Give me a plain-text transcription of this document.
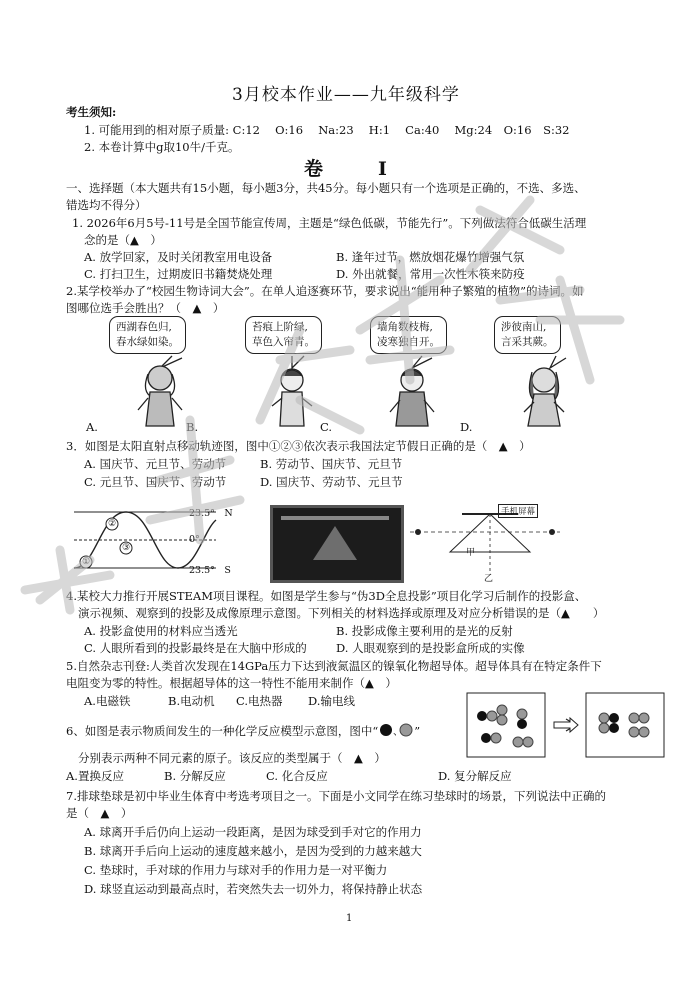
3月校本作业——九年级科学
考生须知:
1. 可能用到的相对原子质量: C:12　 O:16　 Na:23　 H:1　 Ca:40　 Mg:24　O:16　S:32
2. 本卷计算中g取10牛/千克。
卷　I
一、选择题（本大题共有15小题，每小题3分，共45分。每小题只有一个选项是正确的，不选、多选、
错选均不得分）
1. 2026年6月5号-11号是全国节能宣传周，主题是“绿色低碳，节能先行”。下列做法符合低碳生活理
念的是（▲　）
A. 放学回家，及时关闭教室用电设备	B. 逢年过节，燃放烟花爆竹增强气氛
C. 打扫卫生，过期废旧书籍焚烧处理	D. 外出就餐，常用一次性木筷来防疫
2.某学校举办了“校园生物诗词大会”。在单人追逐赛环节，要求说出“能用种子繁殖的植物”的诗词。如
图哪位选手会胜出？（　▲　）
西湖春色归,
春水绿如染。
苔痕上阶绿,
草色入帘青。
墙角数枝梅,
凌寒独自开。
涉彼南山,
言采其蕨。
A.	B.	C.	D.
3．如图是太阳直射点移动轨迹图，图中①②③依次表示我国法定节假日正确的是（　▲　）
A. 国庆节、元旦节、劳动节	B. 劳动节、国庆节、元旦节
C. 元旦节、国庆节、劳动节	D. 国庆节、劳动节、元旦节
23.5°　N
0°
23.5°　S
①
②
③
手机屏幕
甲
乙
4.某校大力推行开展STEAM项目课程。如图是学生参与“伪3D全息投影”项目化学习后制作的投影盒、
演示视频、观察到的投影及成像原理示意图。下列相关的材料选择或原理及对应分析错误的是（▲　　）
A. 投影盒使用的材料应当透光	B. 投影成像主要利用的是光的反射
C. 人眼所看到的投影最终是在大脑中形成的	D. 人眼观察到的是投影盒所成的实像
5.自然杂志刊登:人类首次发现在14GPa压力下达到液氮温区的镍氧化物超导体。超导体具有在特定条件下
电阻变为零的特性。根据超导体的这一特性不能用来制作（▲　）
A.电磁铁	B.电动机 C.电热器 D.输电线
6、如图是表示物质间发生的一种化学反应模型示意图，图中“ 、 ”
分别表示两种不同元素的原子。该反应的类型属于（　▲　）
A.置换反应	B. 分解反应	C. 化合反应	D. 复分解反应
7.排球垫球是初中毕业生体育中考选考项目之一。下面是小文同学在练习垫球时的场景，下列说法中正确的
是（　▲　）
A. 球离开手后仍向上运动一段距离，是因为球受到手对它的作用力
B. 球离开手后向上运动的速度越来越小，是因为受到的力越来越大
C. 垫球时，手对球的作用力与球对手的作用力是一对平衡力
D. 球竖直运动到最高点时，若突然失去一切外力，将保持静止状态
1
